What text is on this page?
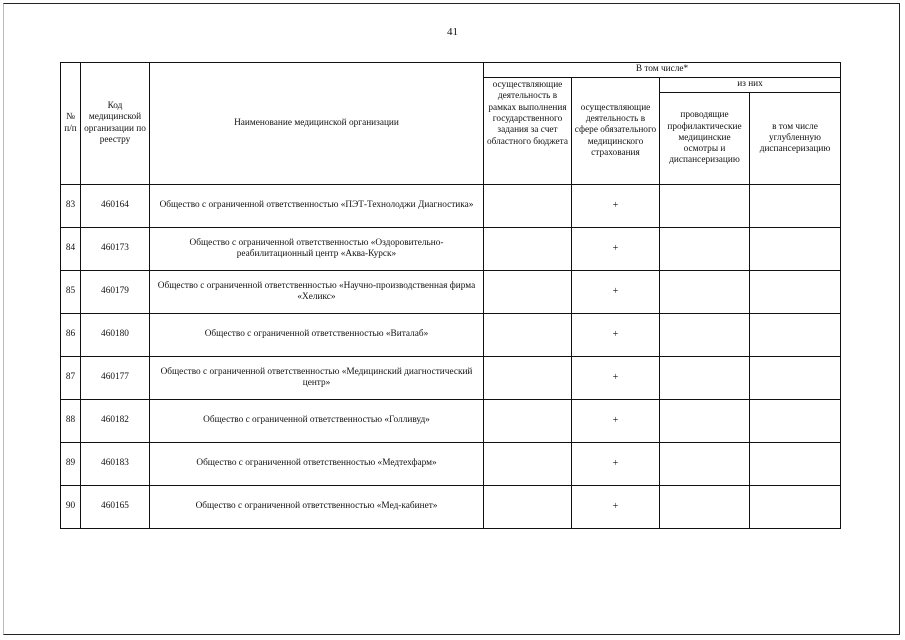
41
№ п/п	Код медицинской организации по реестру	Наименование медицинской организации	В том числе*			
			осуществляющие деятельность в рамках выполнения государственного задания за счет областного бюджета	осуществляющие деятельность в сфере обязательного медицинского страхования	из них	
					проводящие профилактические медицинские осмотры и диспансеризацию	в том числе углубленную диспансеризацию
83	460164	Общество с ограниченной ответственностью «ПЭТ-Технолоджи Диагностика»		+		
84	460173	Общество с ограниченной ответственностью «Оздоровительно-реабилитационный центр «Аква-Курск»		+		
85	460179	Общество с ограниченной ответственностью «Научно-производственная фирма «Хеликс»		+		
86	460180	Общество с ограниченной ответственностью «Виталаб»		+		
87	460177	Общество с ограниченной ответственностью «Медицинский диагностический центр»		+		
88	460182	Общество с ограниченной ответственностью «Голливуд»		+		
89	460183	Общество с ограниченной ответственностью «Медтехфарм»		+		
90	460165	Общество с ограниченной ответственностью «Мед-кабинет»		+		
